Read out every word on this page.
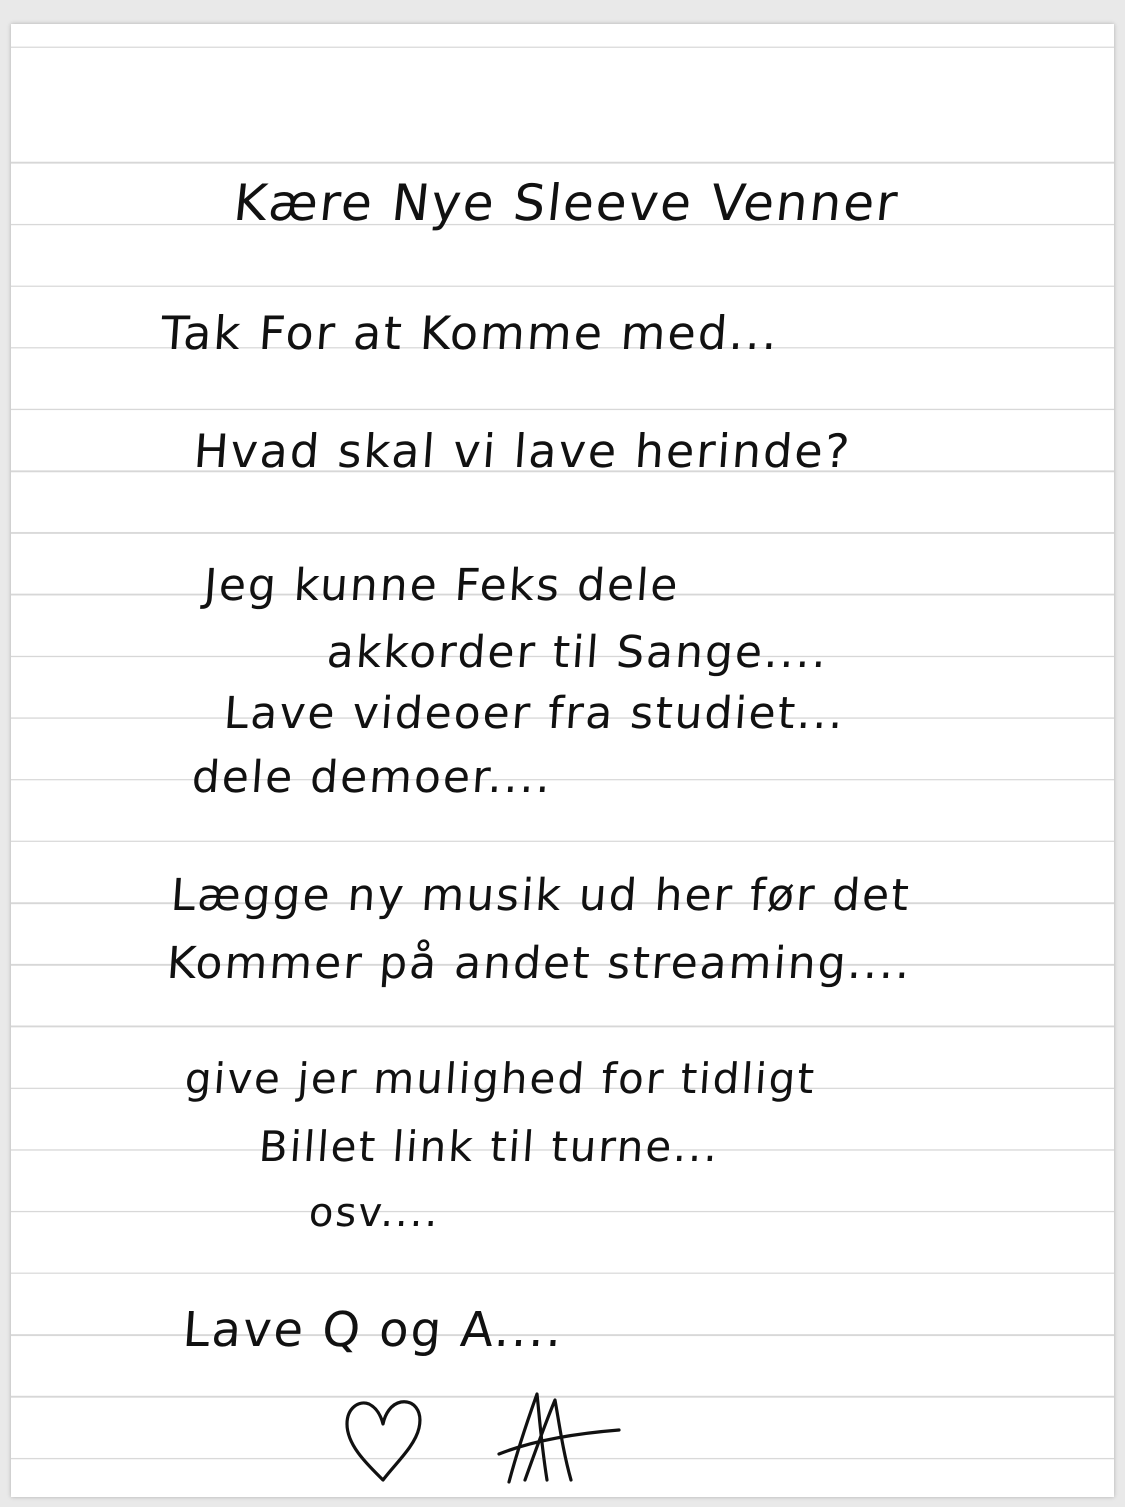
Kære Nye Sleeve Venner
Tak For at Komme med...
Hvad skal vi lave herinde?
Jeg kunne Feks dele
akkorder til Sange....
Lave videoer fra studiet...
dele demoer....
Lægge ny musik ud her før det
Kommer på andet streaming....
give jer mulighed for tidligt
Billet link til turne...
osv....
Lave Q og A....
